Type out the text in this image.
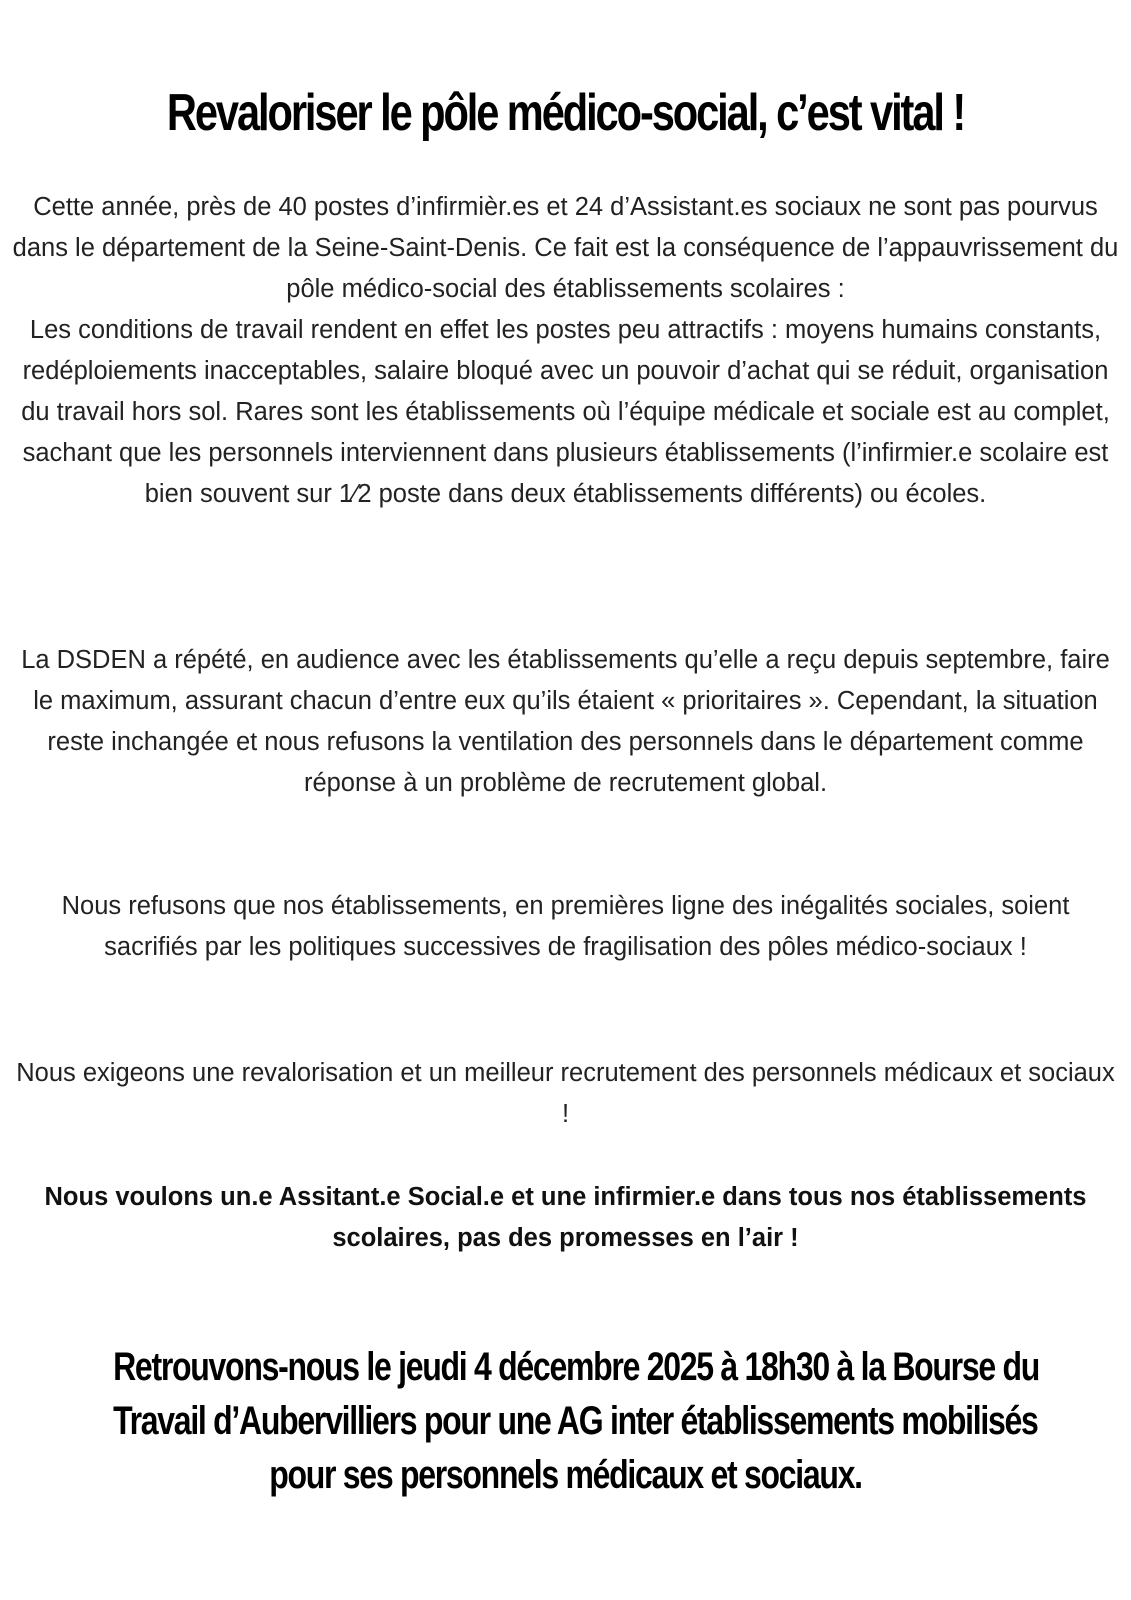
Revaloriser le pôle médico-social, c’est vital !

Cette année, près de 40 postes d’infirmièr.es et 24 d’Assistant.es sociaux ne sont pas pourvus dans le département de la Seine-Saint-Denis. Ce fait est la conséquence de l’appauvrissement du pôle médico-social des établissements scolaires :
Les conditions de travail rendent en effet les postes peu attractifs : moyens humains constants, redéploiements inacceptables, salaire bloqué avec un pouvoir d’achat qui se réduit, organisation du travail hors sol. Rares sont les établissements où l’équipe médicale et sociale est au complet, sachant que les personnels interviennent dans plusieurs établissements (l’infirmier.e scolaire est bien souvent sur 1⁄2 poste dans deux établissements différents) ou écoles.

La DSDEN a répété, en audience avec les établissements qu’elle a reçu depuis septembre, faire le maximum, assurant chacun d’entre eux qu’ils étaient « prioritaires ». Cependant, la situation reste inchangée et nous refusons la ventilation des personnels dans le département comme réponse à un problème de recrutement global.

Nous refusons que nos établissements, en premières ligne des inégalités sociales, soient sacrifiés par les politiques successives de fragilisation des pôles médico-sociaux !

Nous exigeons une revalorisation et un meilleur recrutement des personnels médicaux et sociaux !

Nous voulons un.e Assitant.e Social.e et une infirmier.e dans tous nos établissements
scolaires, pas des promesses en l’air !

Retrouvons-nous le jeudi 4 décembre 2025 à 18h30 à la Bourse du
Travail d’Aubervilliers pour une AG inter établissements mobilisés
pour ses personnels médicaux et sociaux.
